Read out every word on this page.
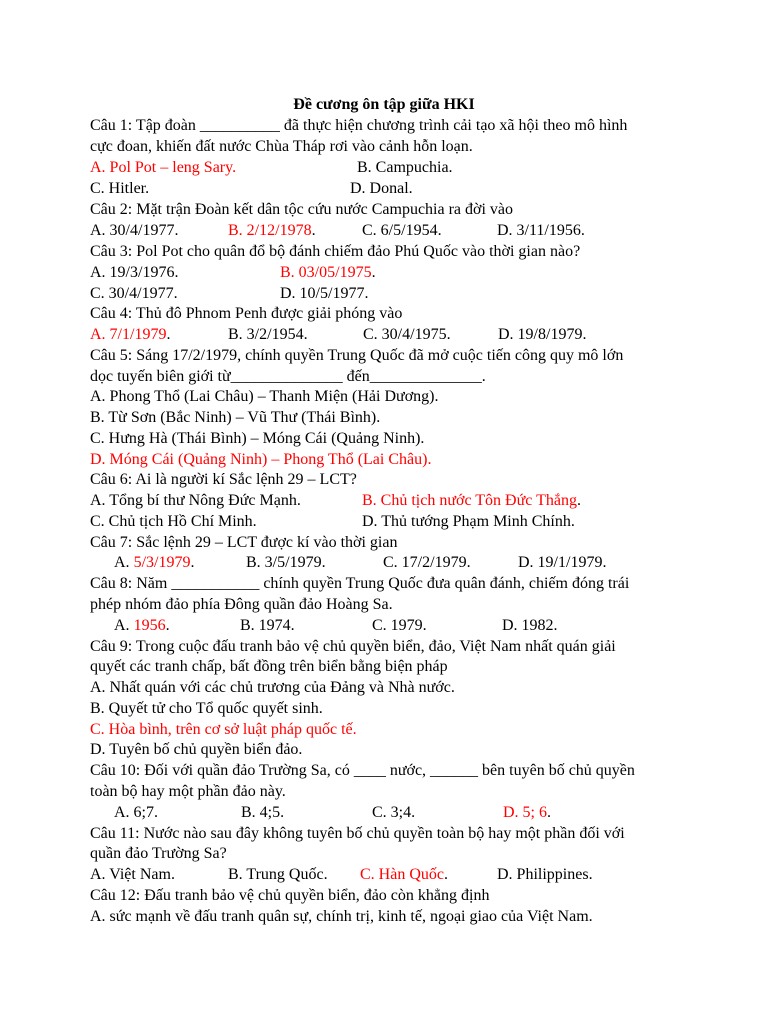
Đề cương ôn tập giữa HKI
Câu 1: Tập đoàn __________ đã thực hiện chương trình cải tạo xã hội theo mô hình
cực đoan, khiến đất nước Chùa Tháp rơi vào cảnh hỗn loạn.
A. Pol Pot – leng Sary.	B. Campuchia.
C. Hitler.	D. Donal.
Câu 2: Mặt trận Đoàn kết dân tộc cứu nước Campuchia ra đời vào
A. 30/4/1977.	B. 2/12/1978.	C. 6/5/1954.	D. 3/11/1956.
Câu 3: Pol Pot cho quân đổ bộ đánh chiếm đảo Phú Quốc vào thời gian nào?
A. 19/3/1976.	B. 03/05/1975.
C. 30/4/1977.	D. 10/5/1977.
Câu 4: Thủ đô Phnom Penh được giải phóng vào
A. 7/1/1979.	B. 3/2/1954.	C. 30/4/1975.	D. 19/8/1979.
Câu 5: Sáng 17/2/1979, chính quyền Trung Quốc đã mở cuộc tiến công quy mô lớn
dọc tuyến biên giới từ______________ đến______________.
A. Phong Thổ (Lai Châu) – Thanh Miện (Hải Dương).
B. Từ Sơn (Bắc Ninh) – Vũ Thư (Thái Bình).
C. Hưng Hà (Thái Bình) – Móng Cái (Quảng Ninh).
D. Móng Cái (Quảng Ninh) – Phong Thổ (Lai Châu).
Câu 6: Ai là người kí Sắc lệnh 29 – LCT?
A. Tổng bí thư Nông Đức Mạnh.	B. Chủ tịch nước Tôn Đức Thắng.
C. Chủ tịch Hồ Chí Minh.	D. Thủ tướng Phạm Minh Chính.
Câu 7: Sắc lệnh 29 – LCT được kí vào thời gian
A. 5/3/1979.	B. 3/5/1979.	C. 17/2/1979.	D. 19/1/1979.
Câu 8: Năm ___________ chính quyền Trung Quốc đưa quân đánh, chiếm đóng trái
phép nhóm đảo phía Đông quần đảo Hoàng Sa.
A. 1956.	B. 1974.	C. 1979.	D. 1982.
Câu 9: Trong cuộc đấu tranh bảo vệ chủ quyền biển, đảo, Việt Nam nhất quán giải
quyết các tranh chấp, bất đồng trên biển bằng biện pháp
A. Nhất quán với các chủ trương của Đảng và Nhà nước.
B. Quyết tử cho Tổ quốc quyết sinh.
C. Hòa bình, trên cơ sở luật pháp quốc tế.
D. Tuyên bố chủ quyền biển đảo.
Câu 10: Đối với quần đảo Trường Sa, có ____ nước, ______ bên tuyên bố chủ quyền
toàn bộ hay một phần đảo này.
A. 6;7.	B. 4;5.	C. 3;4.	D. 5; 6.
Câu 11: Nước nào sau đây không tuyên bố chủ quyền toàn bộ hay một phần đối với
quần đảo Trường Sa?
A. Việt Nam.	B. Trung Quốc. C. Hàn Quốc.	D. Philippines.
Câu 12: Đấu tranh bảo vệ chủ quyền biển, đảo còn khẳng định
A. sức mạnh về đấu tranh quân sự, chính trị, kinh tế, ngoại giao của Việt Nam.
